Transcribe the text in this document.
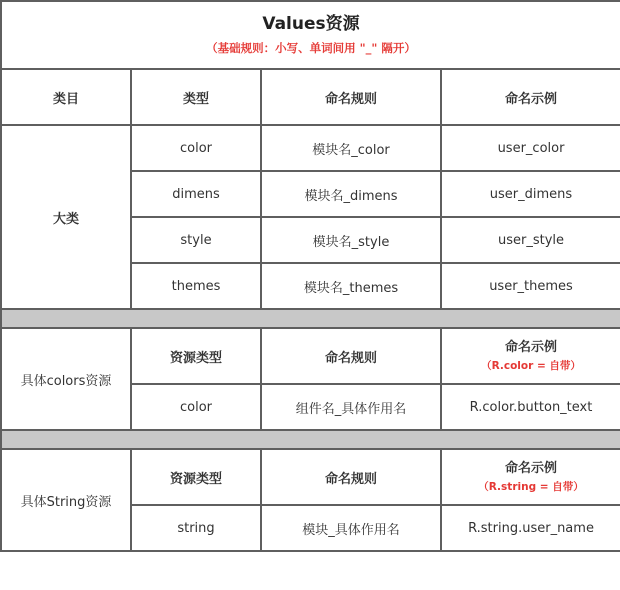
Values资源
（基础规则：小写、单词间用 "_" 隔开）			

类目	类型	命名规则	命名示例
大类	color	模块名_color	user_color
	dimens	模块名_dimens	user_dimens
	style	模块名_style	user_style
	themes	模块名_themes	user_themes

具体colors资源	资源类型	命名规则	命名示例
（R.color = 自带）

	color	组件名_具体作用名	R.color.button_text

具体String资源	资源类型	命名规则	命名示例
（R.string = 自带）

	string	模块_具体作用名	R.string.user_name
